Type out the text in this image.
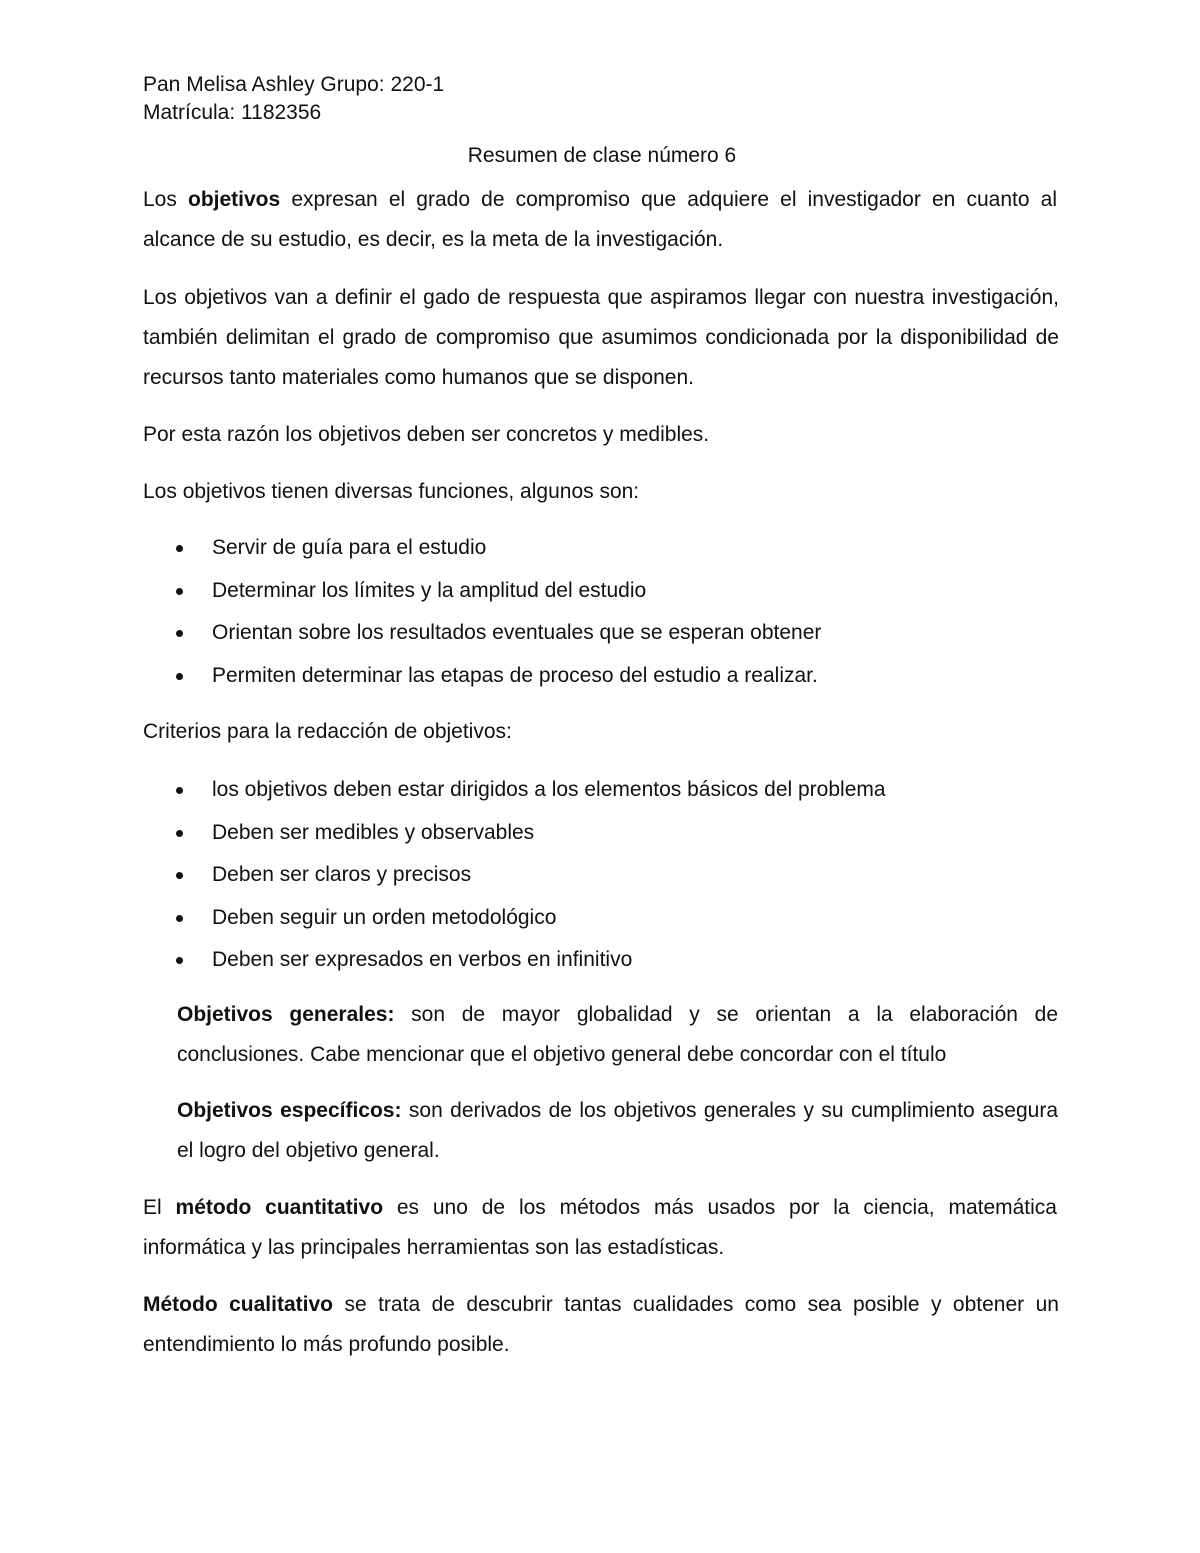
Pan Melisa Ashley Grupo: 220-1
Matrícula: 1182356
Resumen de clase número 6

Los objetivos expresan el grado de compromiso que adquiere el investigador en cuanto al alcance de su estudio, es decir, es la meta de la investigación.

Los objetivos van a definir el gado de respuesta que aspiramos llegar con nuestra investigación, también delimitan el grado de compromiso que asumimos condicionada por la disponibilidad de recursos tanto materiales como humanos que se disponen.

Por esta razón los objetivos deben ser concretos y medibles.

Los objetivos tienen diversas funciones, algunos son:

Servir de guía para el estudio
Determinar los límites y la amplitud del estudio
Orientan sobre los resultados eventuales que se esperan obtener
Permiten determinar las etapas de proceso del estudio a realizar.

Criterios para la redacción de objetivos:

los objetivos deben estar dirigidos a los elementos básicos del problema
Deben ser medibles y observables
Deben ser claros y precisos
Deben seguir un orden metodológico
Deben ser expresados en verbos en infinitivo

Objetivos generales: son de mayor globalidad y se orientan a la elaboración de conclusiones. Cabe mencionar que el objetivo general debe concordar con el título

Objetivos específicos: son derivados de los objetivos generales y su cumplimiento asegura el logro del objetivo general.

El método cuantitativo es uno de los métodos más usados por la ciencia, matemática informática y las principales herramientas son las estadísticas.

Método cualitativo se trata de descubrir tantas cualidades como sea posible y obtener un entendimiento lo más profundo posible.
